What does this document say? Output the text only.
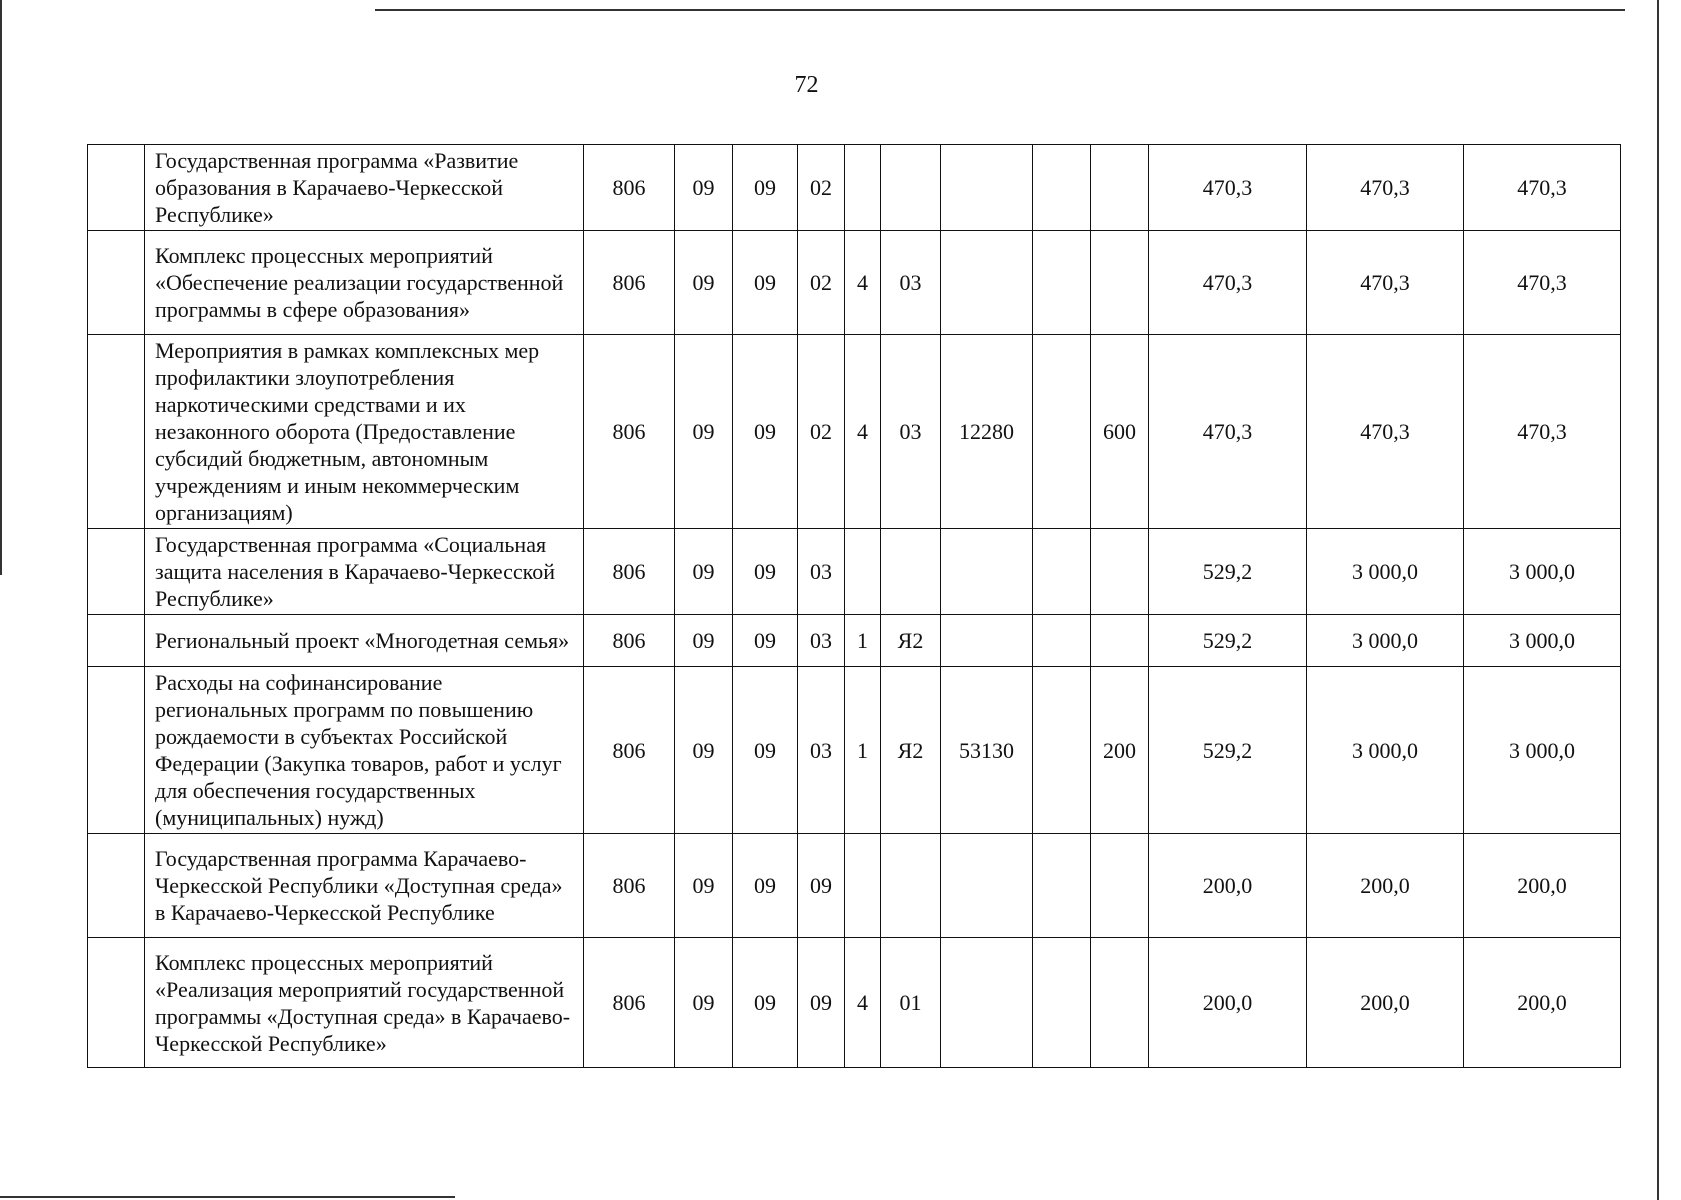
72
	Государственная программа «Развитие образования в Карачаево-Черкесской Республике»	806	09	09	02						470,3	470,3	470,3
	Комплекс процессных мероприятий «Обеспечение реализации государственной программы в сфере образования»	806	09	09	02	4	03				470,3	470,3	470,3
	Мероприятия в рамках комплексных мер профилактики злоупотребления наркотическими средствами и их незаконного оборота (Предоставление субсидий бюджетным, автономным учреждениям и иным некоммерческим организациям)	806	09	09	02	4	03	12280		600	470,3	470,3	470,3
	Государственная программа «Социальная защита населения в Карачаево-Черкесской Республике»	806	09	09	03						529,2	3 000,0	3 000,0
	Региональный проект «Многодетная семья»	806	09	09	03	1	Я2				529,2	3 000,0	3 000,0
	Расходы на софинансирование региональных программ по повышению рождаемости в субъектах Российской Федерации (Закупка товаров, работ и услуг для обеспечения государственных (муниципальных) нужд)	806	09	09	03	1	Я2	53130		200	529,2	3 000,0	3 000,0
	Государственная программа Карачаево-Черкесской Республики «Доступная среда» в Карачаево-Черкесской Республике	806	09	09	09						200,0	200,0	200,0
	Комплекс процессных мероприятий «Реализация мероприятий государственной программы «Доступная среда» в Карачаево-Черкесской Республике»	806	09	09	09	4	01				200,0	200,0	200,0
